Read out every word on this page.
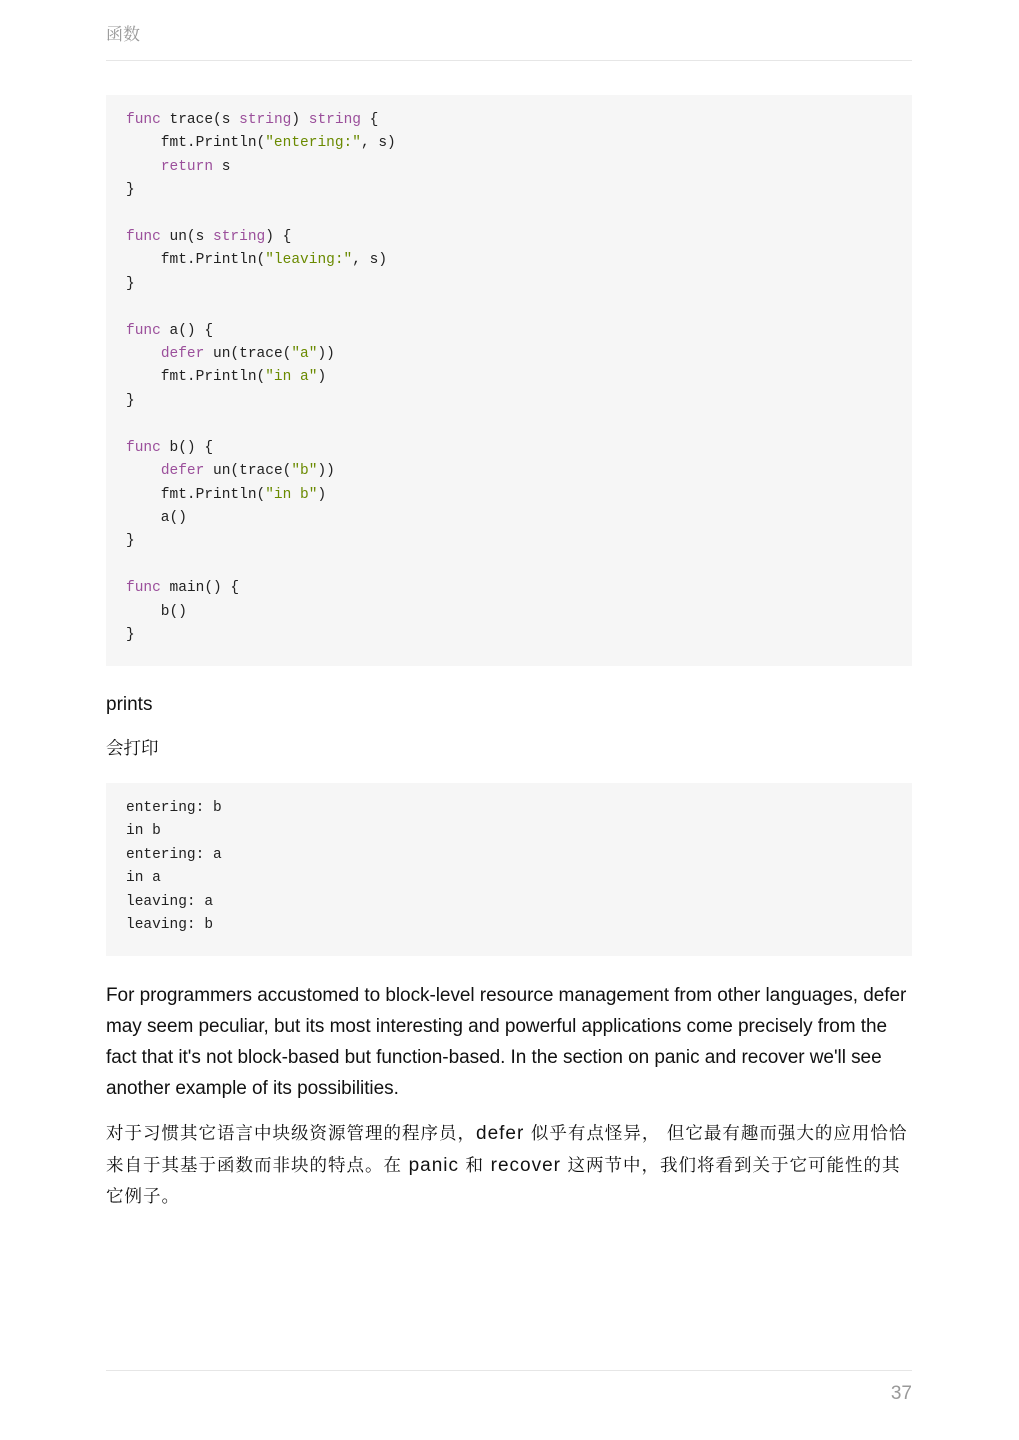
函数
func trace(s string) string {
fmt.Println("entering:", s)
return s
}

func un(s string) {
fmt.Println("leaving:", s)
}

func a() {
defer un(trace("a"))
fmt.Println("in a")
}

func b() {
defer un(trace("b"))
fmt.Println("in b")
a()
}

func main() {
b()
}

prints

会打印

entering: b
in b
entering: a
in a
leaving: a
leaving: b

For programmers accustomed to block-level resource management from other languages, defer may seem peculiar, but its most interesting and powerful applications come precisely from the fact that it's not block-based but function-based. In the section on panic and recover we'll see another example of its possibilities.

对于习惯其它语言中块级资源管理的程序员，defer 似乎有点怪异， 但它最有趣而强大的应用恰恰来自于其基于函数而非块的特点。在 panic 和 recover 这两节中，我们将看到关于它可能性的其它例子。

37
